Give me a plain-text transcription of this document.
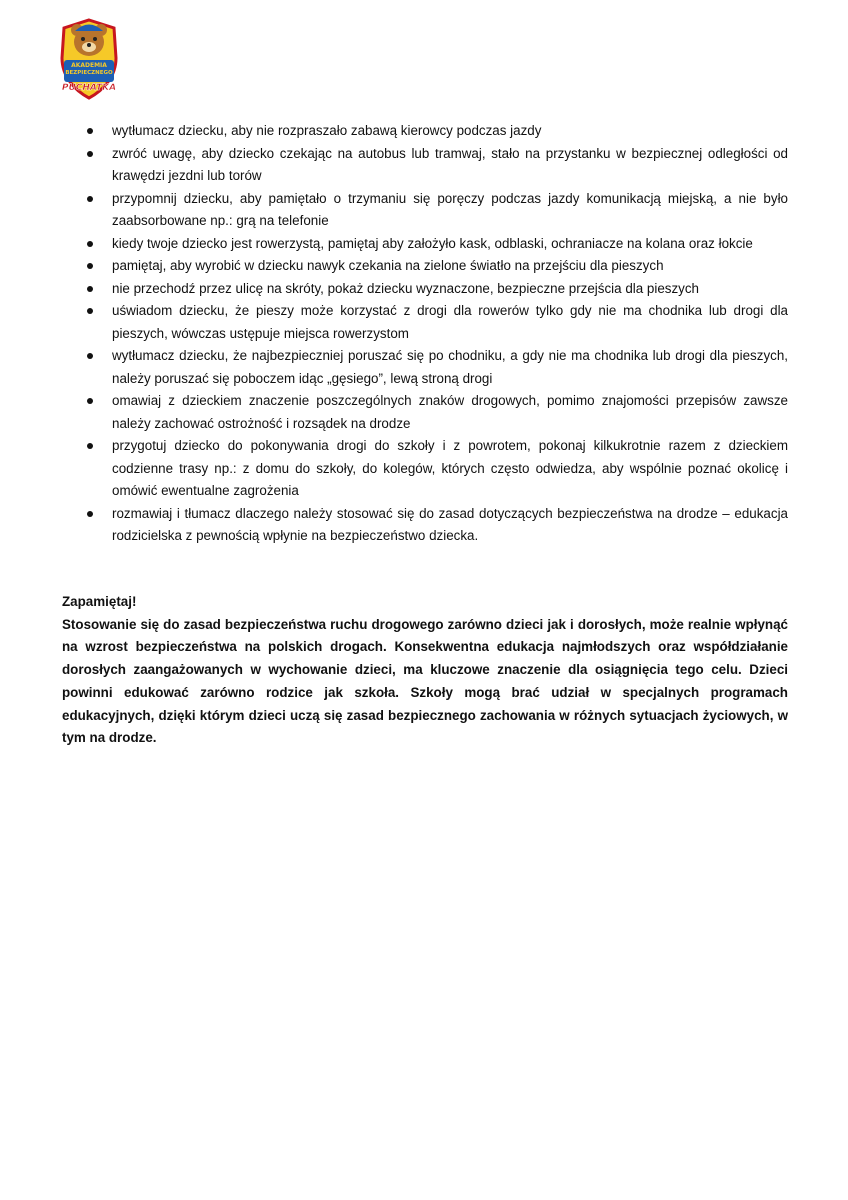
AKADEMIA
BEZPIECZNEGO
PUCHATKA
wytłumacz dziecku, aby nie rozpraszało zabawą kierowcy podczas jazdy
zwróć uwagę, aby dziecko czekając na autobus lub tramwaj, stało na przystanku w bezpiecznej odległości od krawędzi jezdni lub torów
przypomnij dziecku, aby pamiętało o trzymaniu się poręczy podczas jazdy komunikacją miejską, a nie było zaabsorbowane np.: grą na telefonie
kiedy twoje dziecko jest rowerzystą, pamiętaj aby założyło kask, odblaski, ochraniacze na kolana oraz łokcie
pamiętaj, aby wyrobić w dziecku nawyk czekania na zielone światło na przejściu dla pieszych
nie przechodź przez ulicę na skróty, pokaż dziecku wyznaczone, bezpieczne przejścia dla pieszych
uświadom dziecku, że pieszy może korzystać z drogi dla rowerów tylko gdy nie ma chodnika lub drogi dla pieszych, wówczas ustępuje miejsca rowerzystom
wytłumacz dziecku, że najbezpieczniej poruszać się po chodniku, a gdy nie ma chodnika lub drogi dla pieszych, należy poruszać się poboczem idąc „gęsiego”, lewą stroną drogi
omawiaj z dzieckiem znaczenie poszczególnych znaków drogowych, pomimo znajomości przepisów zawsze należy zachować ostrożność i rozsądek na drodze
przygotuj dziecko do pokonywania drogi do szkoły i z powrotem, pokonaj kilkukrotnie razem z dzieckiem codzienne trasy np.: z domu do szkoły, do kolegów, których często odwiedza, aby wspólnie poznać okolicę i omówić ewentualne zagrożenia
rozmawiaj i tłumacz dlaczego należy stosować się do zasad dotyczących bezpieczeństwa na drodze – edukacja rodzicielska z pewnością wpłynie na bezpieczeństwo dziecka.
Zapamiętaj!
Stosowanie się do zasad bezpieczeństwa ruchu drogowego zarówno dzieci jak i dorosłych, może realnie wpłynąć na wzrost bezpieczeństwa na polskich drogach. Konsekwentna edukacja najmłodszych oraz współdziałanie dorosłych zaangażowanych w wychowanie dzieci, ma kluczowe znaczenie dla osiągnięcia tego celu. Dzieci powinni edukować zarówno rodzice jak szkoła. Szkoły mogą brać udział w specjalnych programach edukacyjnych, dzięki którym dzieci uczą się zasad bezpiecznego zachowania w różnych sytuacjach życiowych, w tym na drodze.
